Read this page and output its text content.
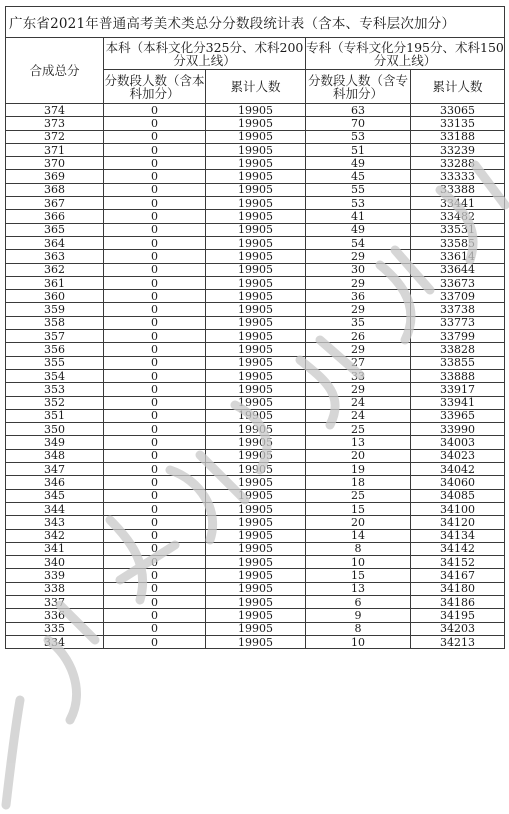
广东省2021年普通高考美术类总分分数段统计表（含本、专科层次加分）				
合成总分	本科（本科文化分325分、术科200分双上线）		专科（专科文化分195分、术科150分双上线）	
	分数段人数（含本科加分）	累计人数	分数段人数（含专科加分）	累计人数
374	0	19905	63	33065
373	0	19905	70	33135
372	0	19905	53	33188
371	0	19905	51	33239
370	0	19905	49	33288
369	0	19905	45	33333
368	0	19905	55	33388
367	0	19905	53	33441
366	0	19905	41	33482
365	0	19905	49	33531
364	0	19905	54	33585
363	0	19905	29	33614
362	0	19905	30	33644
361	0	19905	29	33673
360	0	19905	36	33709
359	0	19905	29	33738
358	0	19905	35	33773
357	0	19905	26	33799
356	0	19905	29	33828
355	0	19905	27	33855
354	0	19905	33	33888
353	0	19905	29	33917
352	0	19905	24	33941
351	0	19905	24	33965
350	0	19905	25	33990
349	0	19905	13	34003
348	0	19905	20	34023
347	0	19905	19	34042
346	0	19905	18	34060
345	0	19905	25	34085
344	0	19905	15	34100
343	0	19905	20	34120
342	0	19905	14	34134
341	0	19905	8	34142
340	0	19905	10	34152
339	0	19905	15	34167
338	0	19905	13	34180
337	0	19905	6	34186
336	0	19905	9	34195
335	0	19905	8	34203
334	0	19905	10	34213
